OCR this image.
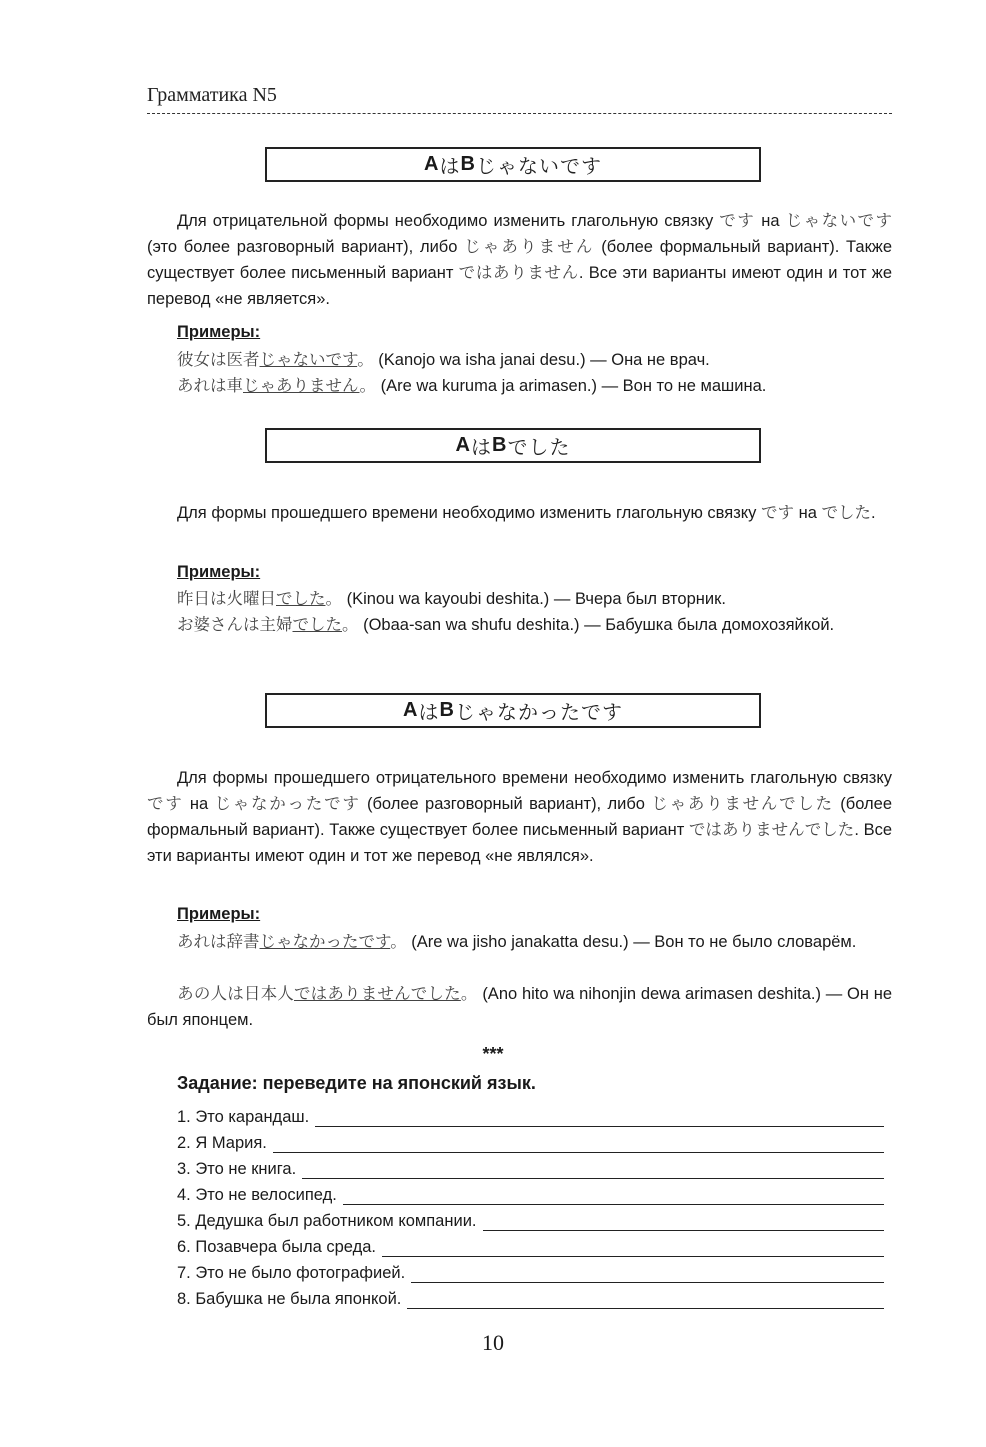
Грамматика N5
A は B じゃないです

Для отрицательной формы необходимо изменить глагольную связку です на じゃないです (это более разговорный вариант), либо じゃありません (более формальный вариант). Также существует более письменный вариант ではありません. Все эти варианты имеют один и тот же перевод «не является».

Примеры:

彼女は医者じゃないです。 (Kanojo wa isha janai desu.) — Она не врач.

あれは車じゃありません。 (Are wa kuruma ja arimasen.) — Вон то не машина.

A は B でした

Для формы прошедшего времени необходимо изменить глагольную связку です на でした.

Примеры:

昨日は火曜日でした。 (Kinou wa kayoubi deshita.) — Вчера был вторник.

お婆さんは主婦でした。 (Obaa-san wa shufu deshita.) — Бабушка была домохозяйкой.

A は B じゃなかったです

Для формы прошедшего отрицательного времени необходимо изменить глагольную связку です на じゃなかったです (более разговорный вариант), либо じゃありませんでした (более формальный вариант). Также существует более письменный вариант ではありませんでした. Все эти варианты имеют один и тот же перевод «не являлся».

Примеры:

あれは辞書じゃなかったです。 (Are wa jisho janakatta desu.) — Вон то не было словарём.

あの人は日本人ではありませんでした。 (Ano hito wa nihonjin dewa arimasen deshita.) — Он не был японцем.

***
Задание: переведите на японский язык.
1. Это карандаш.
2. Я Мария.
3. Это не книга.
4. Это не велосипед.
5. Дедушка был работником компании.
6. Позавчера была среда.
7. Это не было фотографией.
8. Бабушка не была японкой.
10
